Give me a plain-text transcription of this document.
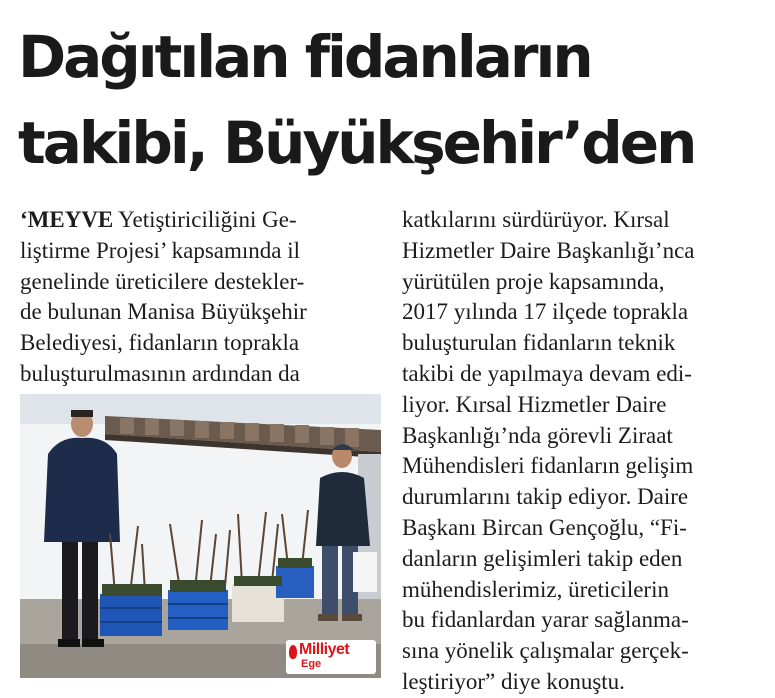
Dağıtılan fidanların
takibi, Büyükşehir’den
‘MEYVE Yetiştiriciliğini Ge-
liştirme Projesi’ kapsamında il
genelinde üreticilere destekler-
de bulunan Manisa Büyükşehir
Belediyesi, fidanların toprakla
buluşturulmasının ardından da
Milliyet
Ege
katkılarını sürdürüyor. Kırsal
Hizmetler Daire Başkanlığı’nca
yürütülen proje kapsamında,
2017 yılında 17 ilçede toprakla
buluşturulan fidanların teknik
takibi de yapılmaya devam edi-
liyor. Kırsal Hizmetler Daire
Başkanlığı’nda görevli Ziraat
Mühendisleri fidanların gelişim
durumlarını takip ediyor. Daire
Başkanı Bircan Gençoğlu, “Fi-
danların gelişimleri takip eden
mühendislerimiz, üreticilerin
bu fidanlardan yarar sağlanma-
sına yönelik çalışmalar gerçek-
leştiriyor” diye konuştu.
